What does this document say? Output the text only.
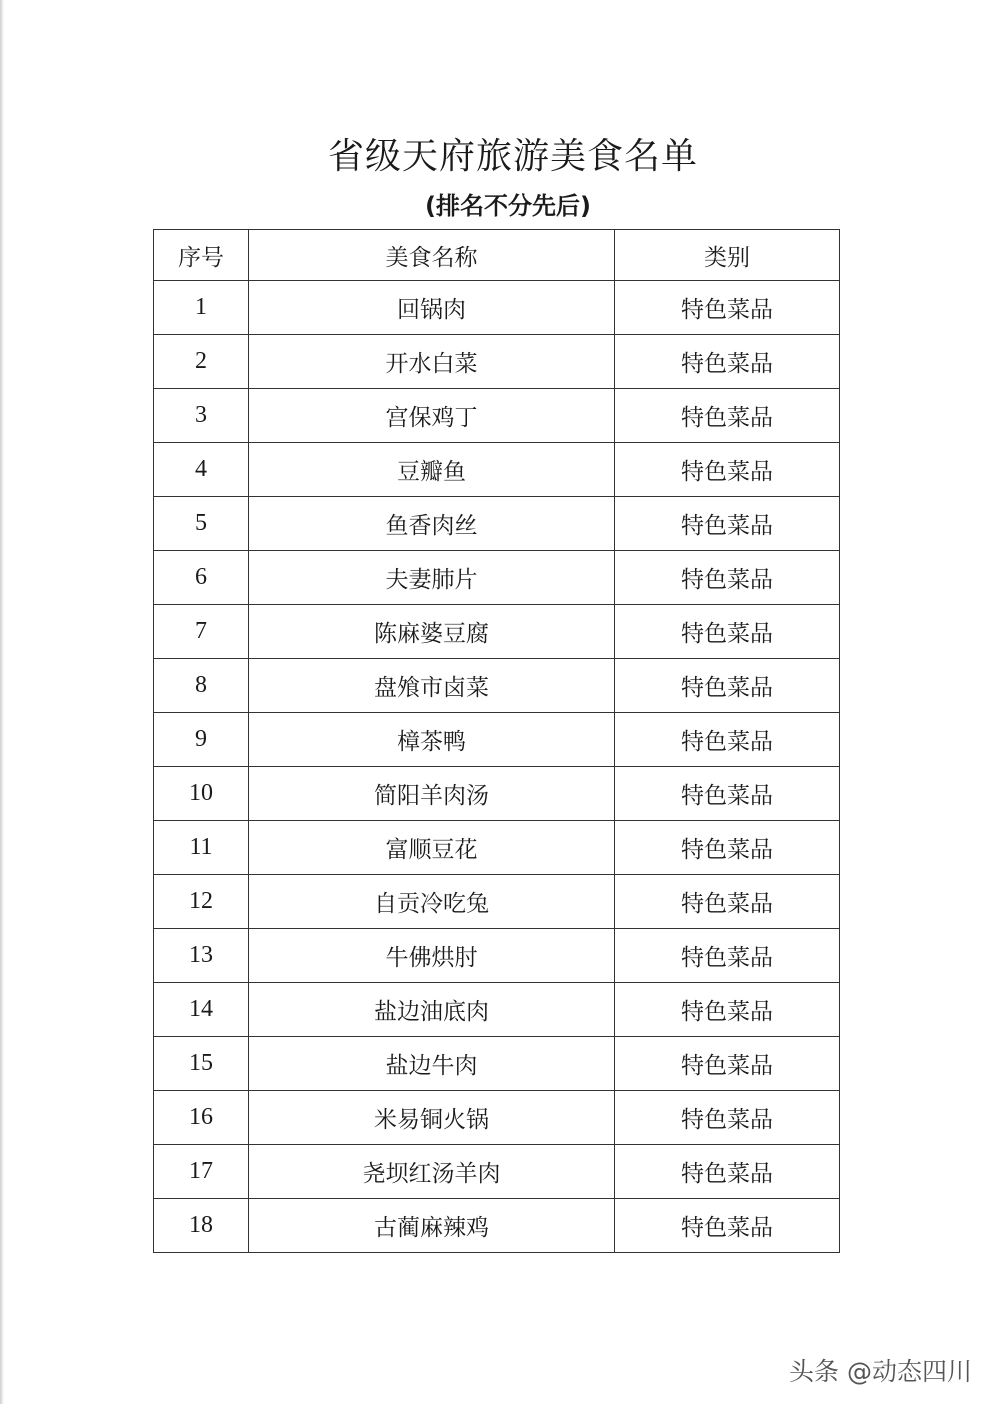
省级天府旅游美食名单
(排名不分先后)
序号	美食名称	类别
1	回锅肉	特色菜品
2	开水白菜	特色菜品
3	宫保鸡丁	特色菜品
4	豆瓣鱼	特色菜品
5	鱼香肉丝	特色菜品
6	夫妻肺片	特色菜品
7	陈麻婆豆腐	特色菜品
8	盘飧市卤菜	特色菜品
9	樟茶鸭	特色菜品
10	简阳羊肉汤	特色菜品
11	富顺豆花	特色菜品
12	自贡冷吃兔	特色菜品
13	牛佛烘肘	特色菜品
14	盐边油底肉	特色菜品
15	盐边牛肉	特色菜品
16	米易铜火锅	特色菜品
17	尧坝红汤羊肉	特色菜品
18	古蔺麻辣鸡	特色菜品
头条 @动态四川
